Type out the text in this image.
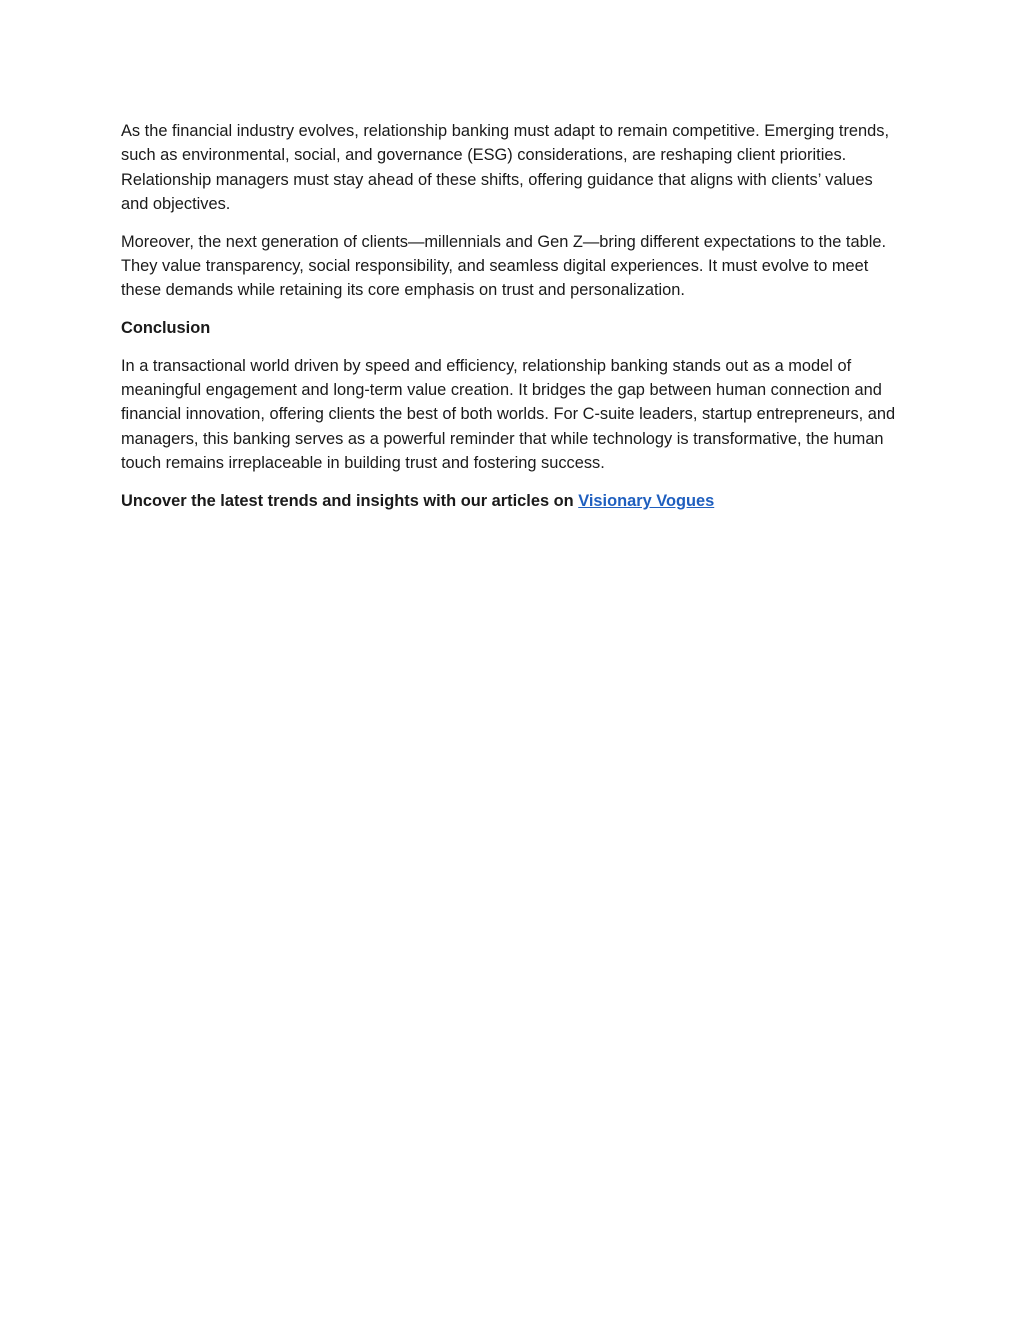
As the financial industry evolves, relationship banking must adapt to remain competitive. Emerging trends, such as environmental, social, and governance (ESG) considerations, are reshaping client priorities. Relationship managers must stay ahead of these shifts, offering guidance that aligns with clients’ values and objectives.

Moreover, the next generation of clients—millennials and Gen Z—bring different expectations to the table. They value transparency, social responsibility, and seamless digital experiences. It must evolve to meet these demands while retaining its core emphasis on trust and personalization.

Conclusion

In a transactional world driven by speed and efficiency, relationship banking stands out as a model of meaningful engagement and long-term value creation. It bridges the gap between human connection and financial innovation, offering clients the best of both worlds. For C-suite leaders, startup entrepreneurs, and managers, this banking serves as a powerful reminder that while technology is transformative, the human touch remains irreplaceable in building trust and fostering success.

Uncover the latest trends and insights with our articles on Visionary Vogues
